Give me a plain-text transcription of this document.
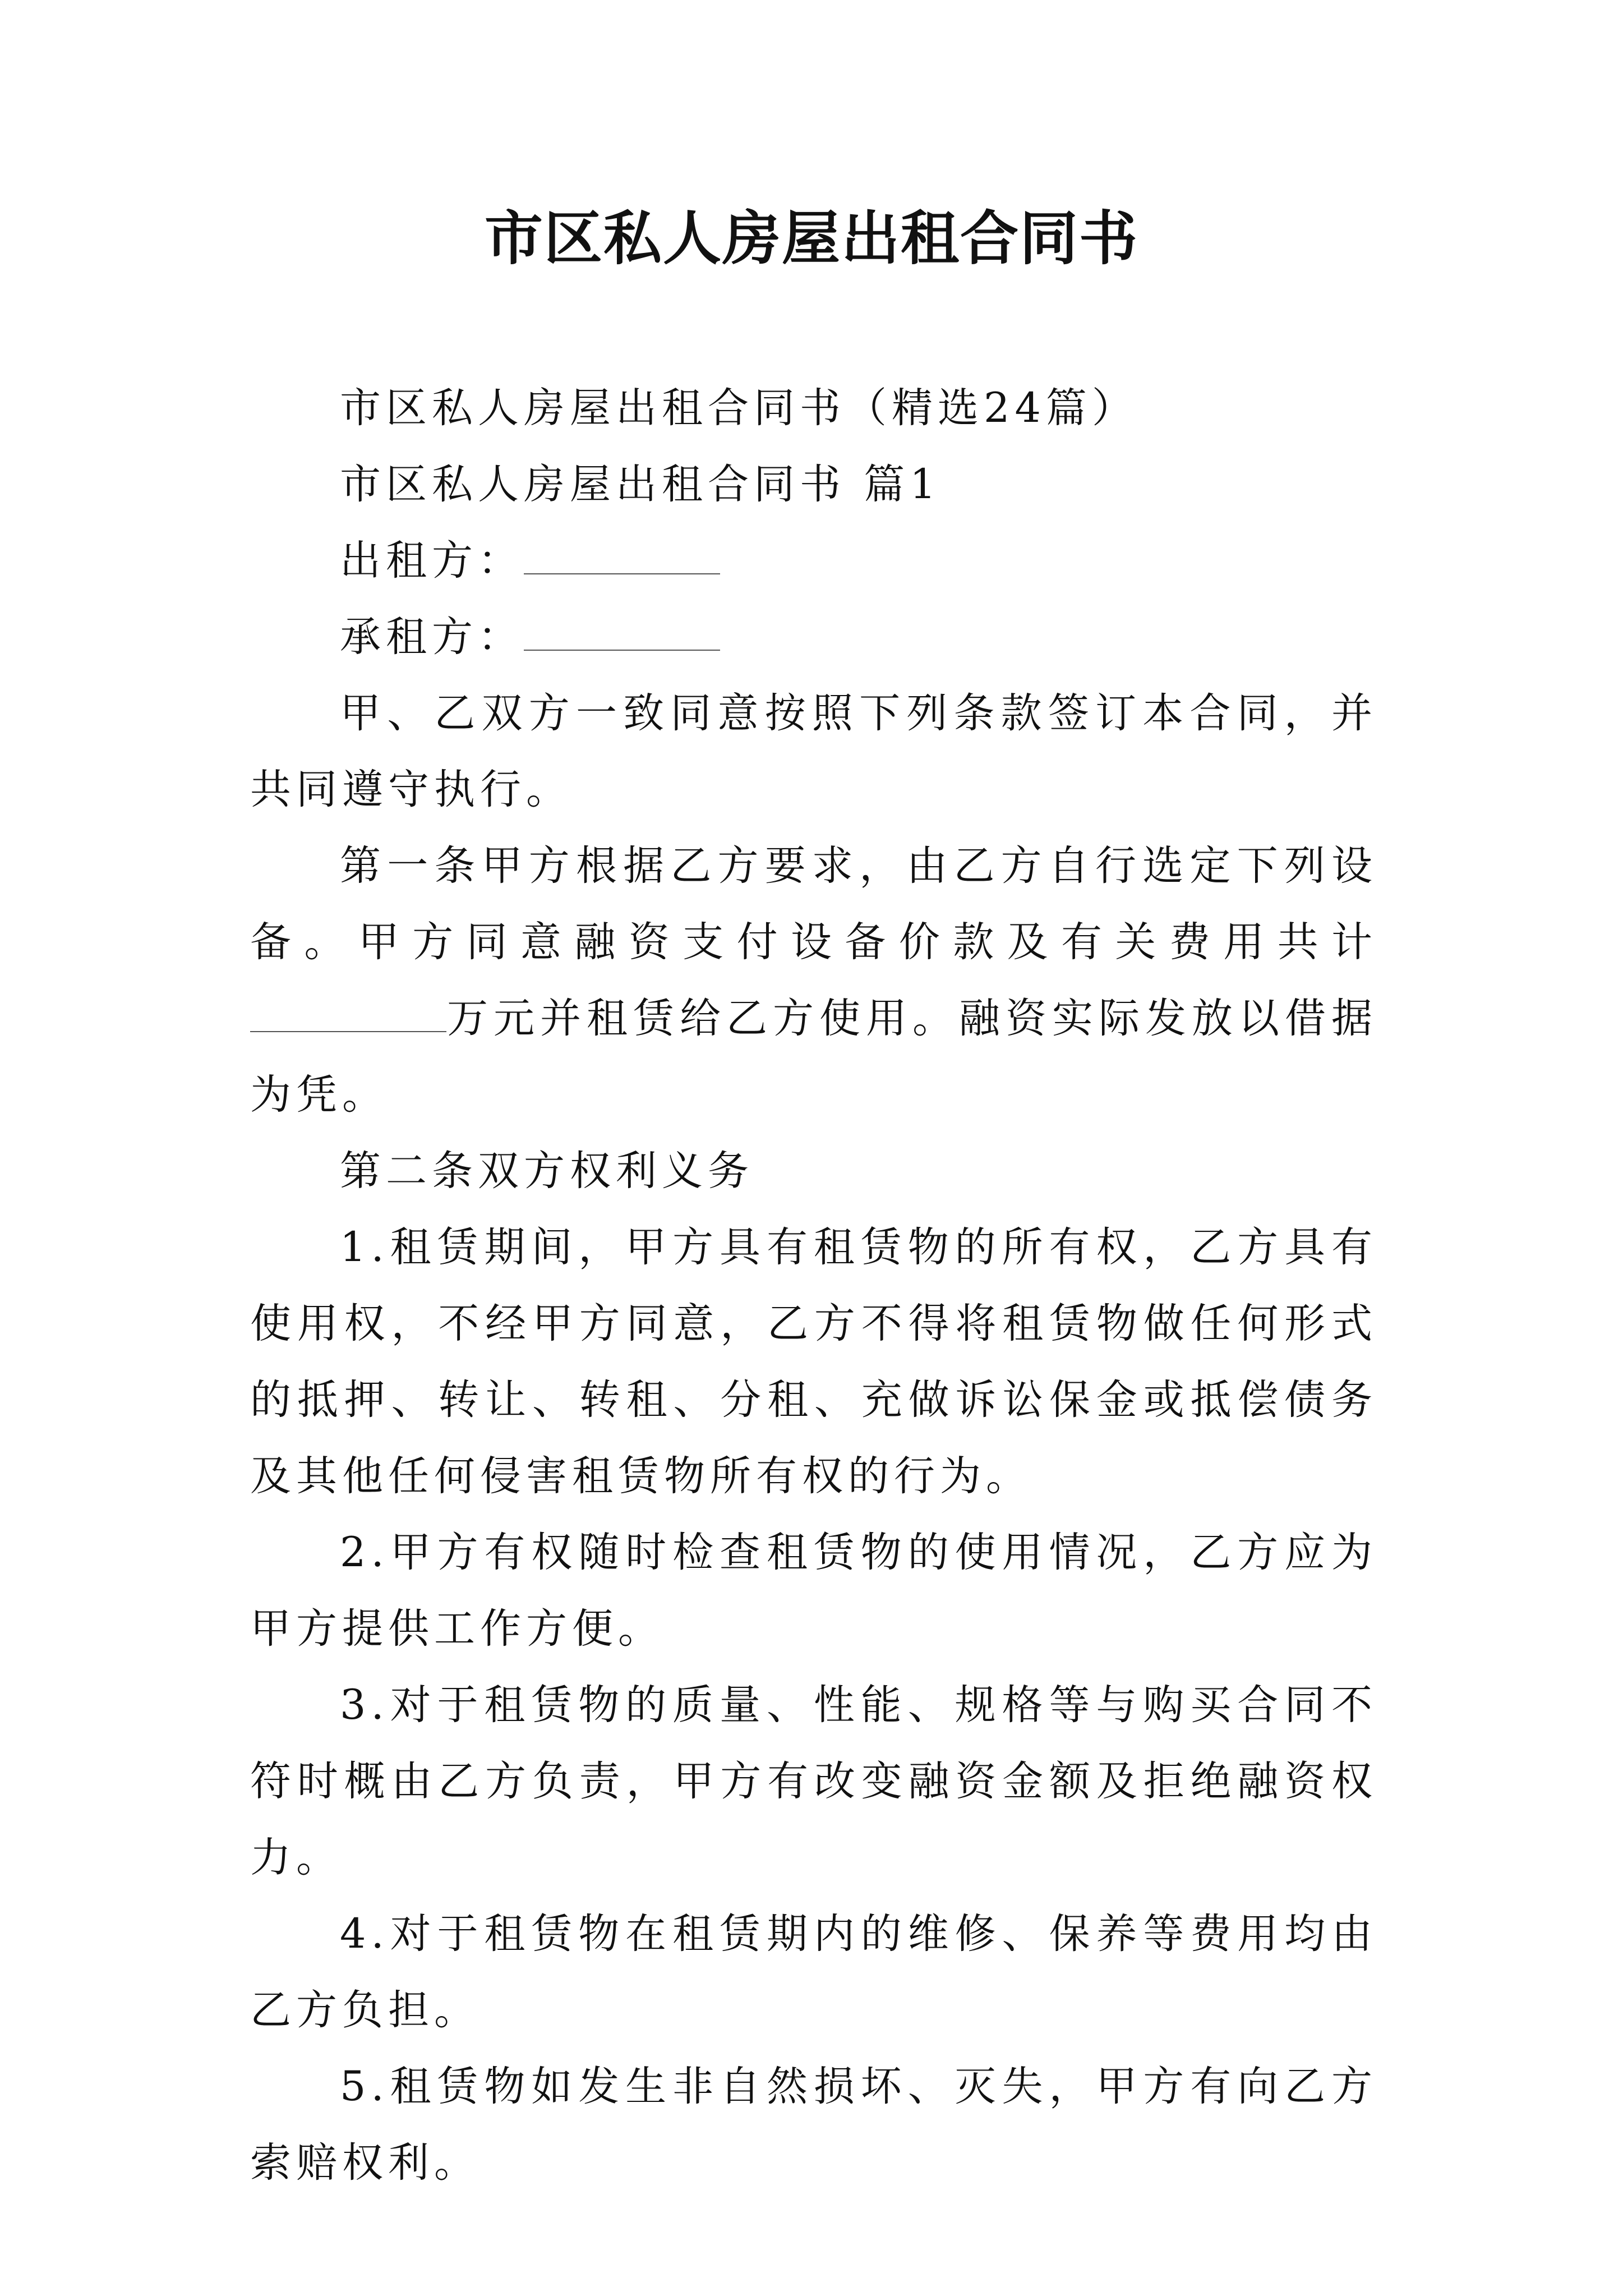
市区私人房屋出租合同书

市区私人房屋出租合同书（精选24篇）

市区私人房屋出租合同书 篇1

出租方：

承租方：

甲、乙双方一致同意按照下列条款签订本合同，并共同遵守执行。

第一条甲方根据乙方要求，由乙方自行选定下列设备。甲方同意融资支付设备价款及有关费用共计万元并租赁给乙方使用。融资实际发放以借据为凭。

第二条双方权利义务

1.租赁期间，甲方具有租赁物的所有权，乙方具有使用权，不经甲方同意，乙方不得将租赁物做任何形式的抵押、转让、转租、分租、充做诉讼保金或抵偿债务及其他任何侵害租赁物所有权的行为。

2.甲方有权随时检查租赁物的使用情况，乙方应为甲方提供工作方便。

3.对于租赁物的质量、性能、规格等与购买合同不符时概由乙方负责，甲方有改变融资金额及拒绝融资权力。

4.对于租赁物在租赁期内的维修、保养等费用均由乙方负担。

5.租赁物如发生非自然损坏、灭失，甲方有向乙方索赔权利。
